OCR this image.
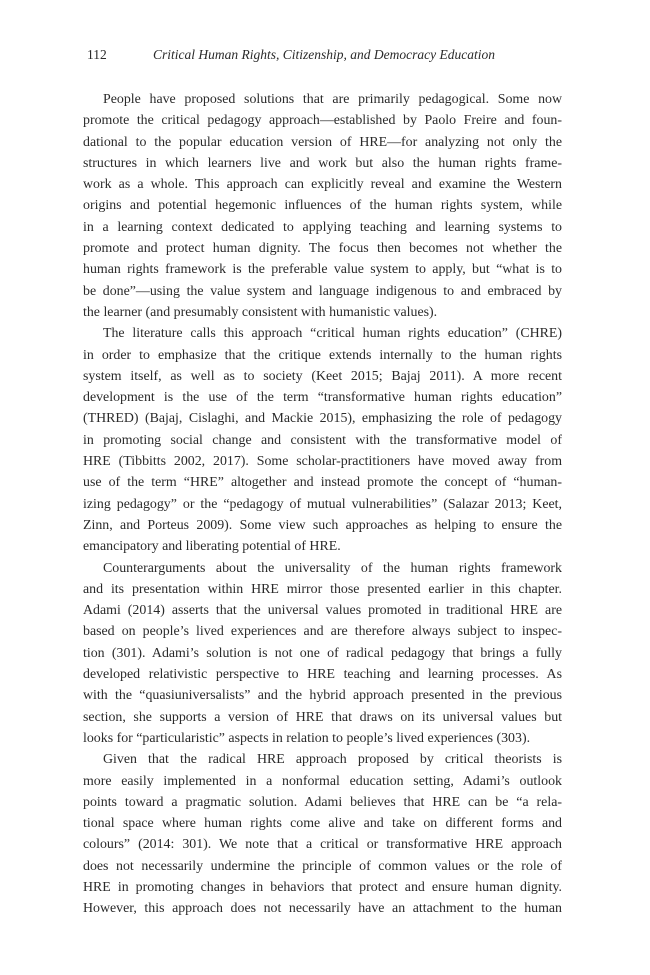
112	Critical Human Rights, Citizenship, and Democracy Education
People have proposed solutions that are primarily pedagogical. Some now
promote the critical pedagogy approach—established by Paolo Freire and foun-
dational to the popular education version of HRE—for analyzing not only the
structures in which learners live and work but also the human rights frame-
work as a whole. This approach can explicitly reveal and examine the Western
origins and potential hegemonic influences of the human rights system, while
in a learning context dedicated to applying teaching and learning systems to
promote and protect human dignity. The focus then becomes not whether the
human rights framework is the preferable value system to apply, but “what is to
be done”—using the value system and language indigenous to and embraced by
the learner (and presumably consistent with humanistic values).
The literature calls this approach “critical human rights education” (CHRE)
in order to emphasize that the critique extends internally to the human rights
system itself, as well as to society (Keet 2015; Bajaj 2011). A more recent
development is the use of the term “transformative human rights education”
(THRED) (Bajaj, Cislaghi, and Mackie 2015), emphasizing the role of pedagogy
in promoting social change and consistent with the transformative model of
HRE (Tibbitts 2002, 2017). Some scholar-practitioners have moved away from
use of the term “HRE” altogether and instead promote the concept of “human-
izing pedagogy” or the “pedagogy of mutual vulnerabilities” (Salazar 2013; Keet,
Zinn, and Porteus 2009). Some view such approaches as helping to ensure the
emancipatory and liberating potential of HRE.
Counterarguments about the universality of the human rights framework
and its presentation within HRE mirror those presented earlier in this chapter.
Adami (2014) asserts that the universal values promoted in traditional HRE are
based on people’s lived experiences and are therefore always subject to inspec-
tion (301). Adami’s solution is not one of radical pedagogy that brings a fully
developed relativistic perspective to HRE teaching and learning processes. As
with the “quasiuniversalists” and the hybrid approach presented in the previous
section, she supports a version of HRE that draws on its universal values but
looks for “particularistic” aspects in relation to people’s lived experiences (303).
Given that the radical HRE approach proposed by critical theorists is
more easily implemented in a nonformal education setting, Adami’s outlook
points toward a pragmatic solution. Adami believes that HRE can be “a rela-
tional space where human rights come alive and take on different forms and
colours” (2014: 301). We note that a critical or transformative HRE approach
does not necessarily undermine the principle of common values or the role of
HRE in promoting changes in behaviors that protect and ensure human dignity.
However, this approach does not necessarily have an attachment to the human
